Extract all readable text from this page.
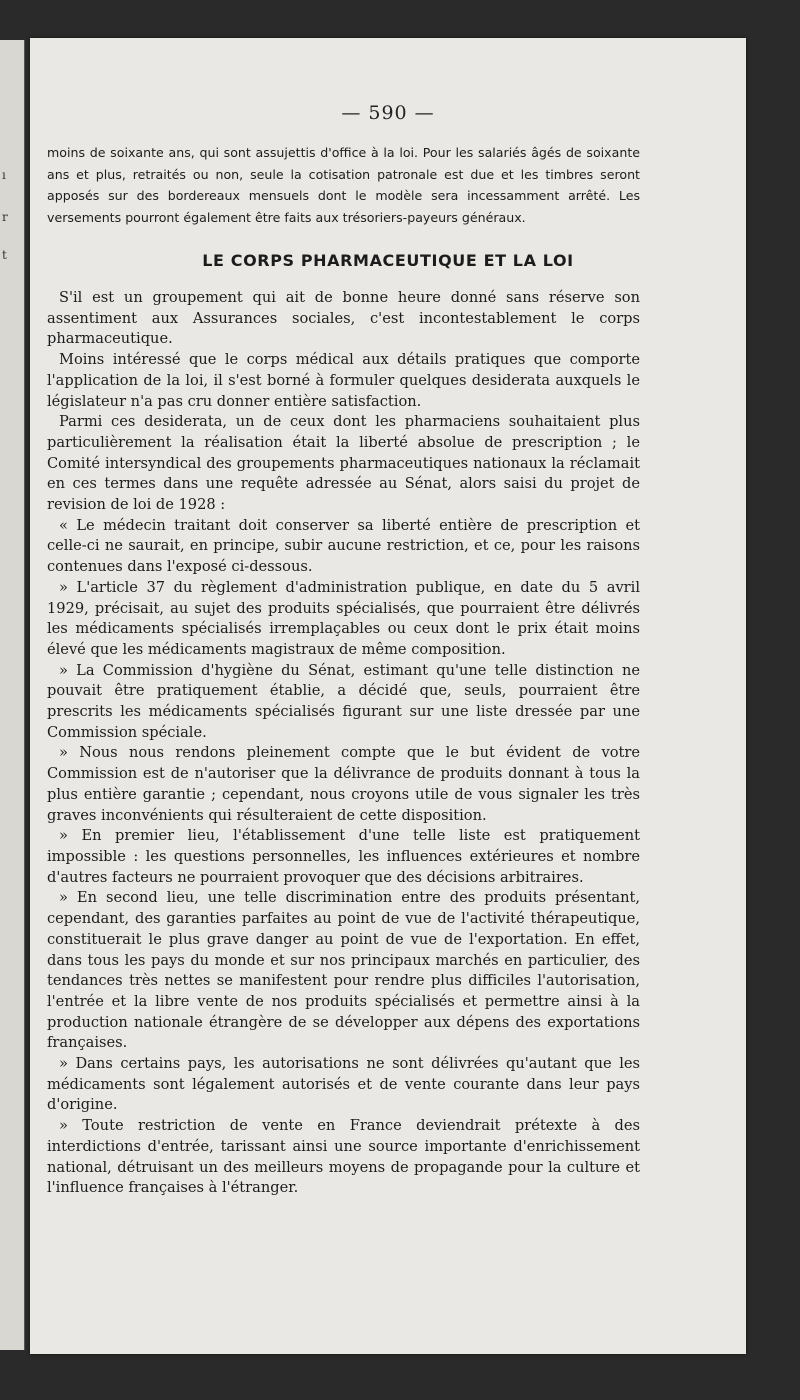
ı
r
t
— 590 —
moins de soixante ans, qui sont assujettis d'office à la loi. Pour les salariés âgés de soixante ans et plus, retraités ou non, seule la cotisation patronale est due et les timbres seront apposés sur des bordereaux mensuels dont le modèle sera incessamment arrêté. Les versements pourront également être faits aux trésoriers-payeurs généraux.
LE CORPS PHARMACEUTIQUE ET LA LOI

S'il est un groupement qui ait de bonne heure donné sans réserve son assentiment aux Assurances sociales, c'est incontestablement le corps pharmaceutique.

Moins intéressé que le corps médical aux détails pratiques que comporte l'application de la loi, il s'est borné à formuler quelques desiderata auxquels le législateur n'a pas cru donner entière satisfaction.

Parmi ces desiderata, un de ceux dont les pharmaciens souhaitaient plus particulièrement la réalisation était la liberté absolue de prescription ; le Comité intersyndical des groupements pharmaceutiques nationaux la réclamait en ces termes dans une requête adressée au Sénat, alors saisi du projet de revision de loi de 1928 :

« Le médecin traitant doit conserver sa liberté entière de prescription et celle-ci ne saurait, en principe, subir aucune restriction, et ce, pour les raisons contenues dans l'exposé ci-dessous.

» L'article 37 du règlement d'administration publique, en date du 5 avril 1929, précisait, au sujet des produits spécialisés, que pourraient être délivrés les médicaments spécialisés irremplaçables ou ceux dont le prix était moins élevé que les médicaments magistraux de même composition.

» La Commission d'hygiène du Sénat, estimant qu'une telle distinction ne pouvait être pratiquement établie, a décidé que, seuls, pourraient être prescrits les médicaments spécialisés figurant sur une liste dressée par une Commission spéciale.

» Nous nous rendons pleinement compte que le but évident de votre Commission est de n'autoriser que la délivrance de produits donnant à tous la plus entière garantie ; cependant, nous croyons utile de vous signaler les très graves inconvénients qui résulteraient de cette disposition.

» En premier lieu, l'établissement d'une telle liste est pratiquement impossible : les questions personnelles, les influences extérieures et nombre d'autres facteurs ne pourraient provoquer que des décisions arbitraires.

» En second lieu, une telle discrimination entre des produits présentant, cependant, des garanties parfaites au point de vue de l'activité thérapeutique, constituerait le plus grave danger au point de vue de l'exportation. En effet, dans tous les pays du monde et sur nos principaux marchés en particulier, des tendances très nettes se manifestent pour rendre plus difficiles l'autorisation, l'entrée et la libre vente de nos produits spécialisés et permettre ainsi à la production nationale étrangère de se développer aux dépens des exportations françaises.

» Dans certains pays, les autorisations ne sont délivrées qu'autant que les médicaments sont légalement autorisés et de vente courante dans leur pays d'origine.

» Toute restriction de vente en France deviendrait prétexte à des interdictions d'entrée, tarissant ainsi une source importante d'enrichissement national, détruisant un des meilleurs moyens de propagande pour la culture et l'influence françaises à l'étranger.
